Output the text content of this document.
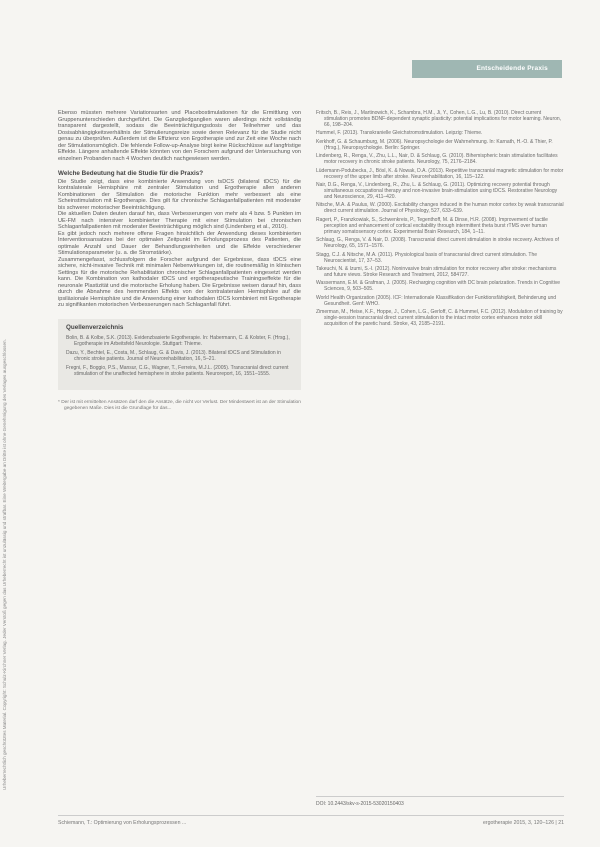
Entscheidende Praxis
Urheberrechtlich geschütztes Material. Copyright: Schulz-Kirchner Verlag. Jeder Verstoß gegen das Urheberrecht ist unzulässig und strafbar. Eine Weitergabe an Dritte ist ohne Genehmigung des Verlages ausgeschlossen.

Ebenso müssten mehrere Variationsarten und Placebostimulationen für die Ermittlung von Gruppenunterschieden durchgeführt. Die Ganzgliedganglien waren allerdings nicht vollständig transparent dargestellt, sodass die Beeinträchtigungsdosis der Teilnehmer und das Dosisabhängigkeitsverhältnis der Stimulierungsreize sowie deren Relevanz für die Studie nicht genau zu überprüfen. Außerdem ist die Effizienz von Ergotherapie und zur Zeit eine Woche nach der Stimulationsmöglich. Die fehlende Follow-up-Analyse birgt keine Rückschlüsse auf langfristige Effekte. Längere anhaltende Effekte könnten von den Forschern aufgrund der Untersuchung von einzelnen Probanden nach 4 Wochen deutlich nachgewiesen werden.

Welche Bedeutung hat die Studie für die Praxis?

Die Studie zeigt, dass eine kombinierte Anwendung von tsDCS (bilateral tDCS) für die kontralaterale Hemisphäre mit zentraler Stimulation und Ergotherapie allen anderen Kombinationen der Stimulation die motorische Funktion mehr verbessert als eine Scheinstimulation mit Ergotherapie. Dies gilt für chronische Schlaganfallpatienten mit moderater bis schwerer motorischer Beeinträchtigung.

Die aktuellen Daten deuten darauf hin, dass Verbesserungen von mehr als 4 bzw. 5 Punkten im UE-FM nach intensiver kombinierter Therapie mit einer Stimulation bei chronischen Schlaganfallpatienten mit moderater Beeinträchtigung möglich sind (Lindenberg et al., 2010).

Es gibt jedoch noch mehrere offene Fragen hinsichtlich der Anwendung dieses kombinierten Interventionsansatzes bei der optimalen Zeitpunkt im Erholungsprozess des Patienten, die optimale Anzahl und Dauer der Behandlungseinheiten und die Effekte verschiedener Stimulationsparameter (u. a. die Stromstärke).

Zusammengefasst, schlussfolgern die Forscher aufgrund der Ergebnisse, dass tDCS eine sichere, nicht-invasive Technik mit minimalen Nebenwirkungen ist, die routinemäßig in klinischen Settings für die motorische Rehabilitation chronischer Schlaganfallpatienten eingesetzt werden kann. Die Kombination von kathodaler tDCS und ergotherapeutische Trainingseffekte für die neuronale Plastizität und die motorische Erholung haben. Die Ergebnisse weisen darauf hin, dass durch die Abnahme des hemmenden Effekts von der kontralateralen Hemisphäre auf die ipsiläsionale Hemisphäre und die Anwendung einer kathodalen tDCS kombiniert mit Ergotherapie zu signifikanten motorischen Verbesserungen nach Schlaganfall führt.

Quellenverzeichnis
Bolin, B. & Kolbe, S.K. (2013). Evidenzbasierte Ergotherapie. In: Habermann, C. & Kolster, F. (Hrsg.), Ergotherapie im Arbeitsfeld Neurologie. Stuttgart: Thieme.
Dazu, Y., Bechtel, E., Costa, M., Schlaug, G. & Davis, J. (2013). Bilateral tDCS and Stimulation in chronic stroke patients. Journal of Neurorehabilitation, 16, 5–21.
Fregni, F., Boggio, P.S., Mansur, C.G., Wagner, T., Ferreira, M.J.L. (2005). Transcranial direct current stimulation of the unaffected hemisphere in stroke patients. Neuroreport, 16, 1551–1555.
* Der ist mit ermittelten Ansätzen darf den die Ansätze, die nicht vor Verlust. Der Mindestwert ist an der Stimulation gegebenen Maße. Dies ist die Grundlage für das...
Fritsch, B., Reis, J., Martinowich, K., Schambra, H.M., Ji, Y., Cohen, L.G., Lu, B. (2010). Direct current stimulation promotes BDNF-dependent synaptic plasticity: potential implications for motor learning. Neuron, 66, 198–204.
Hummel, F. (2013). Transkranielle Gleichstromstimulation. Leipzig: Thieme.
Kerkhoff, G. & Schaumburg, M. (2006). Neuropsychologie der Wahrnehmung. In: Karnath, H.-O. & Thier, P. (Hrsg.), Neuropsychologie. Berlin: Springer.
Lindenberg, R., Renga, V., Zhu, L.L., Nair, D. & Schlaug, G. (2010). Bihemispheric brain stimulation facilitates motor recovery in chronic stroke patients. Neurology, 75, 2176–2184.
Lüdemann-Podubecka, J., Bösl, K. & Nowak, D.A. (2013). Repetitive transcranial magnetic stimulation for motor recovery of the upper limb after stroke. Neurorehabilitation, 16, 115–122.
Nair, D.G., Renga, V., Lindenberg, R., Zhu, L. & Schlaug, G. (2011). Optimizing recovery potential through simultaneous occupational therapy and non-invasive brain-stimulation using tDCS. Restorative Neurology and Neuroscience, 29, 411–420.
Nitsche, M.A. & Paulus, W. (2000). Excitability changes induced in the human motor cortex by weak transcranial direct current stimulation. Journal of Physiology, 527, 633–639.
Ragert, P., Franzkowiak, S., Schwenkreis, P., Tegenthoff, M. & Dinse, H.R. (2008). Improvement of tactile perception and enhancement of cortical excitability through intermittent theta burst rTMS over human primary somatosensory cortex. Experimental Brain Research, 184, 1–11.
Schlaug, G., Renga, V. & Nair, D. (2008). Transcranial direct current stimulation in stroke recovery. Archives of Neurology, 65, 1571–1576.
Stagg, C.J. & Nitsche, M.A. (2011). Physiological basis of transcranial direct current stimulation. The Neuroscientist, 17, 37–53.
Takeuchi, N. & Izumi, S.-I. (2012). Noninvasive brain stimulation for motor recovery after stroke: mechanisms and future views. Stroke Research and Treatment, 2012, 584727.
Wassermann, E.M. & Grafman, J. (2005). Recharging cognition with DC brain polarization. Trends in Cognitive Sciences, 9, 503–505.
World Health Organization (2005). ICF: Internationale Klassifikation der Funktionsfähigkeit, Behinderung und Gesundheit. Genf: WHO.
Zimerman, M., Heise, K.F., Hoppe, J., Cohen, L.G., Gerloff, C. & Hummel, F.C. (2012). Modulation of training by single-session transcranial direct current stimulation to the intact motor cortex enhances motor skill acquisition of the paretic hand. Stroke, 43, 2185–2191.
DOI: 10.2443/skv-s-2015-53020150403
Schiemann, T.: Optimierung von Erholungsprozessen ...	ergotherapie 2015, 3, 120–126 | 21
